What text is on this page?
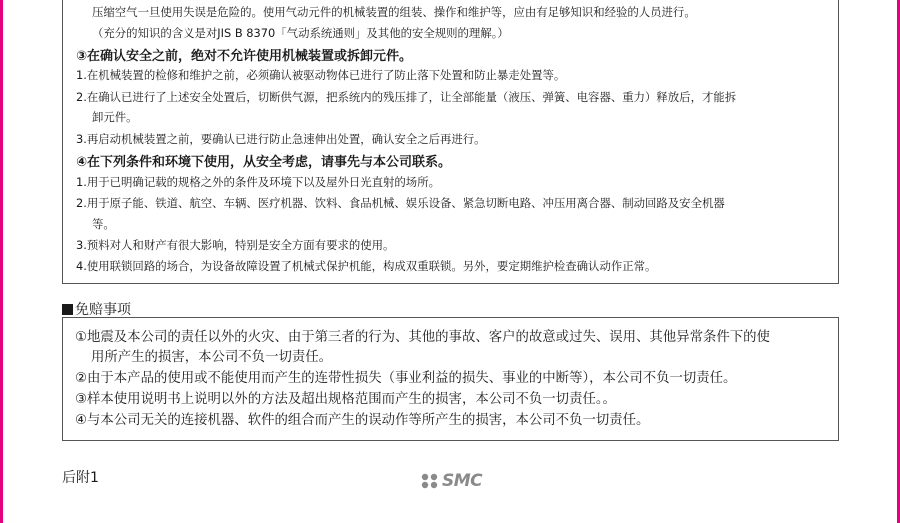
压缩空气一旦使用失误是危险的。使用气动元件的机械装置的组装、操作和维护等，应由有足够知识和经验的人员进行。
（充分的知识的含义是对JIS B 8370「气动系统通则」及其他的安全规则的理解。）
③在确认安全之前，绝对不允许使用机械装置或拆卸元件。
1.在机械装置的检修和维护之前，必须确认被驱动物体已进行了防止落下处置和防止暴走处置等。
2.在确认已进行了上述安全处置后，切断供气源，把系统内的残压排了，让全部能量（液压、弹簧、电容器、重力）释放后，才能拆
卸元件。
3.再启动机械装置之前，要确认已进行防止急速伸出处置，确认安全之后再进行。
④在下列条件和环境下使用，从安全考虑，请事先与本公司联系。
1.用于已明确记载的规格之外的条件及环境下以及屋外日光直射的场所。
2.用于原子能、铁道、航空、车辆、医疗机器、饮料、食品机械、娱乐设备、紧急切断电路、冲压用离合器、制动回路及安全机器
等。
3.预料对人和财产有很大影响，特别是安全方面有要求的使用。
4.使用联锁回路的场合，为设备故障设置了机械式保护机能，构成双重联锁。另外，要定期维护检查确认动作正常。
免赔事项
①地震及本公司的责任以外的火灾、由于第三者的行为、其他的事故、客户的故意或过失、误用、其他异常条件下的使
用所产生的损害，本公司不负一切责任。
②由于本产品的使用或不能使用而产生的连带性损失（事业利益的损失、事业的中断等），本公司不负一切责任。
③样本使用说明书上说明以外的方法及超出规格范围而产生的损害，本公司不负一切责任。。
④与本公司无关的连接机器、软件的组合而产生的误动作等所产生的损害，本公司不负一切责任。
后附1	SMC
